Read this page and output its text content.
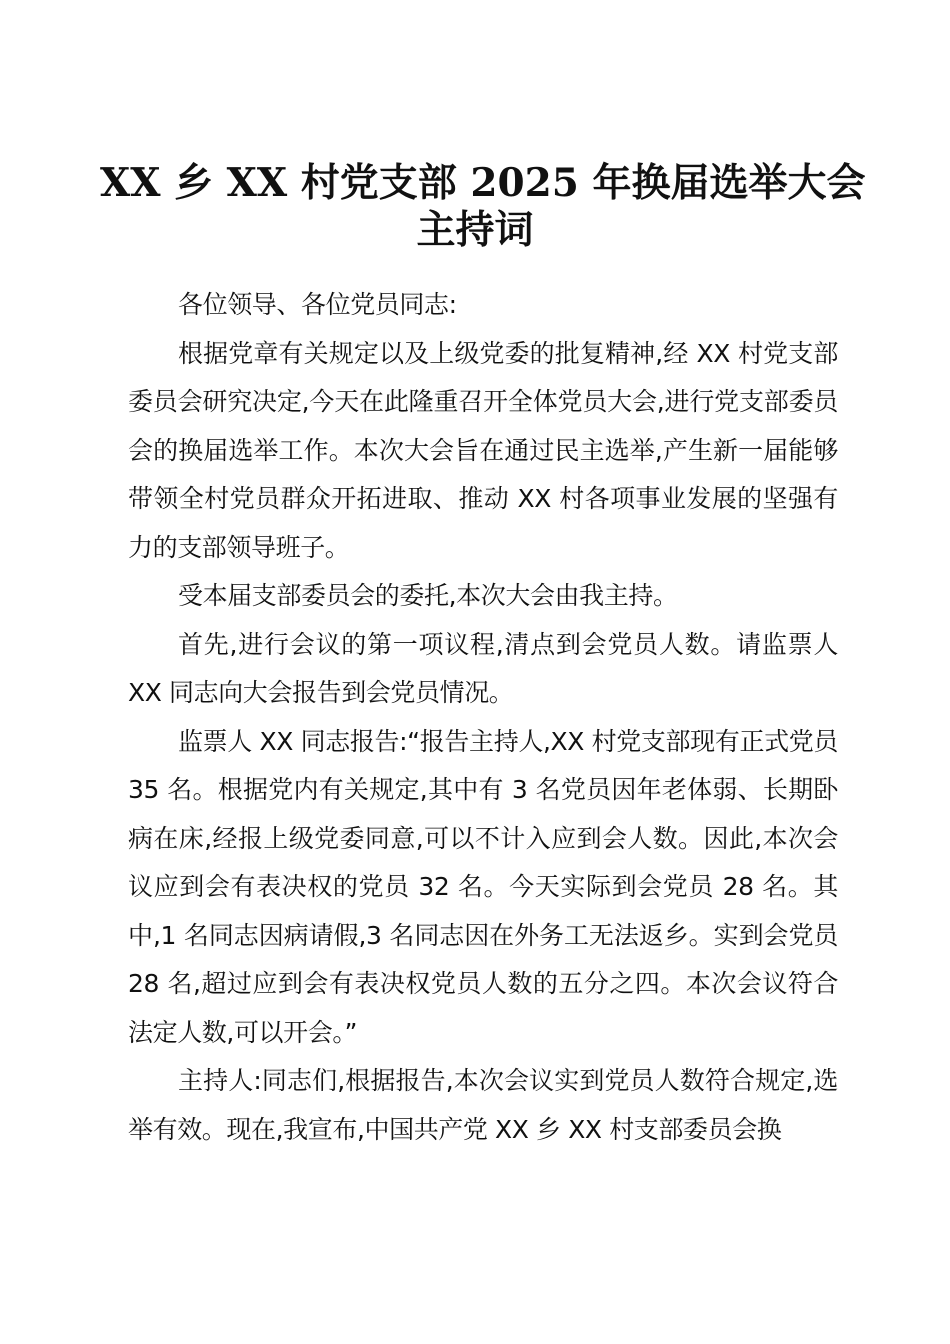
XX 乡 XX 村党支部 2025 年换届选举大会
主持词

各位领导、各位党员同志:

根据党章有关规定以及上级党委的批复精神,经 XX 村党支部委员会研究决定,今天在此隆重召开全体党员大会,进行党支部委员会的换届选举工作。本次大会旨在通过民主选举,产生新一届能够带领全村党员群众开拓进取、推动 XX 村各项事业发展的坚强有力的支部领导班子。

受本届支部委员会的委托,本次大会由我主持。

首先,进行会议的第一项议程,清点到会党员人数。请监票人 XX 同志向大会报告到会党员情况。

监票人 XX 同志报告:“报告主持人,XX 村党支部现有正式党员 35 名。根据党内有关规定,其中有 3 名党员因年老体弱、长期卧病在床,经报上级党委同意,可以不计入应到会人数。因此,本次会议应到会有表决权的党员 32 名。今天实际到会党员 28 名。其中,1 名同志因病请假,3 名同志因在外务工无法返乡。实到会党员 28 名,超过应到会有表决权党员人数的五分之四。本次会议符合法定人数,可以开会。”

主持人:同志们,根据报告,本次会议实到党员人数符合规定,选举有效。现在,我宣布,中国共产党 XX 乡 XX 村支部委员会换
